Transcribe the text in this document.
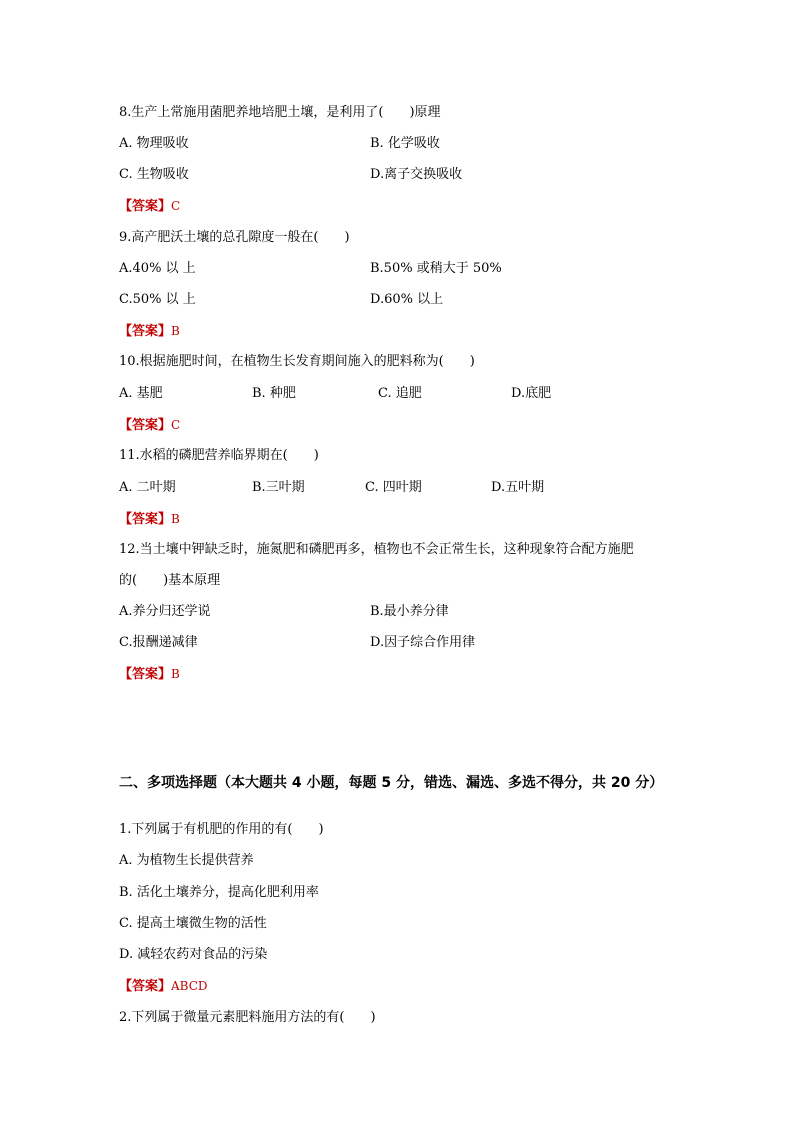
8.生产上常施用菌肥养地培肥土壤，是利用了(　　)原理
A. 物理吸收	B. 化学吸收
C. 生物吸收	D.离子交换吸收
【答案】C
9.高产肥沃土壤的总孔隙度一般在(　　)
A.40% 以 上	B.50% 或稍大于 50%
C.50% 以 上	D.60% 以上
【答案】B
10.根据施肥时间，在植物生长发育期间施入的肥料称为(　　)
A. 基肥	B. 种肥	C. 追肥	D.底肥
【答案】C
11.水稻的磷肥营养临界期在(　　)
A. 二叶期	B.三叶期	C. 四叶期	D.五叶期
【答案】B
12.当土壤中钾缺乏时，施氮肥和磷肥再多，植物也不会正常生长，这种现象符合配方施肥
的(　　)基本原理
A.养分归还学说	B.最小养分律
C.报酬递减律	D.因子综合作用律
【答案】B
二、多项选择题（本大题共 4 小题，每题 5 分，错选、漏选、多选不得分，共 20 分）
1.下列属于有机肥的作用的有(　　)
A. 为植物生长提供营养
B. 活化土壤养分，提高化肥利用率
C. 提高土壤微生物的活性
D. 减轻农药对食品的污染
【答案】ABCD
2.下列属于微量元素肥料施用方法的有(　　)
